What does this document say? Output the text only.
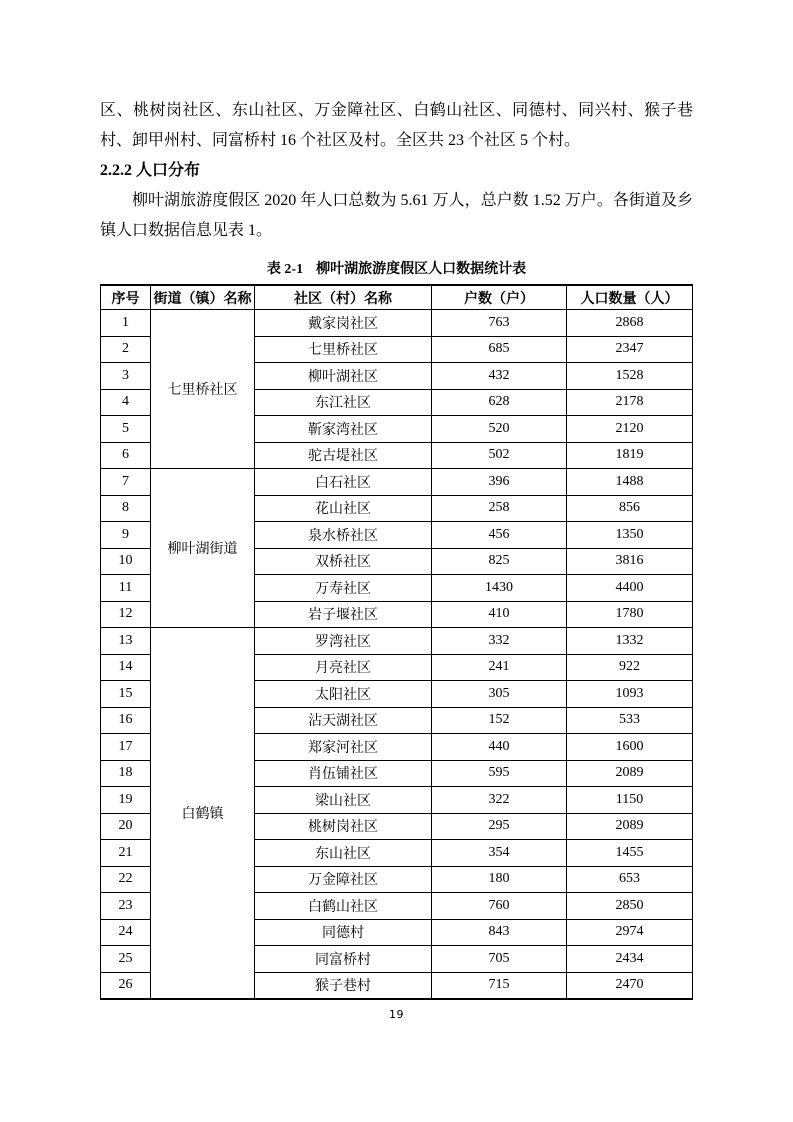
区、桃树岗社区、东山社区、万金障社区、白鹤山社区、同德村、同兴村、猴子巷村、卸甲州村、同富桥村 16 个社区及村。全区共 23 个社区 5 个村。

2.2.2 人口分布

柳叶湖旅游度假区 2020 年人口总数为 5.61 万人，总户数 1.52 万户。各街道及乡镇人口数据信息见表 1。

表 2-1 柳叶湖旅游度假区人口数据统计表
序号	街道（镇）名称	社区（村）名称	户数（户）	人口数量（人）
1	七里桥社区	戴家岗社区	763	2868
2		七里桥社区	685	2347
3		柳叶湖社区	432	1528
4		东江社区	628	2178
5		靳家湾社区	520	2120
6		驼古堤社区	502	1819
7	柳叶湖街道	白石社区	396	1488
8		花山社区	258	856
9		泉水桥社区	456	1350
10		双桥社区	825	3816
11		万寿社区	1430	4400
12		岩子堰社区	410	1780
13	白鹤镇	罗湾社区	332	1332
14		月亮社区	241	922
15		太阳社区	305	1093
16		沾天湖社区	152	533
17		郑家河社区	440	1600
18		肖伍铺社区	595	2089
19		梁山社区	322	1150
20		桃树岗社区	295	2089
21		东山社区	354	1455
22		万金障社区	180	653
23		白鹤山社区	760	2850
24		同德村	843	2974
25		同富桥村	705	2434
26		猴子巷村	715	2470
19
